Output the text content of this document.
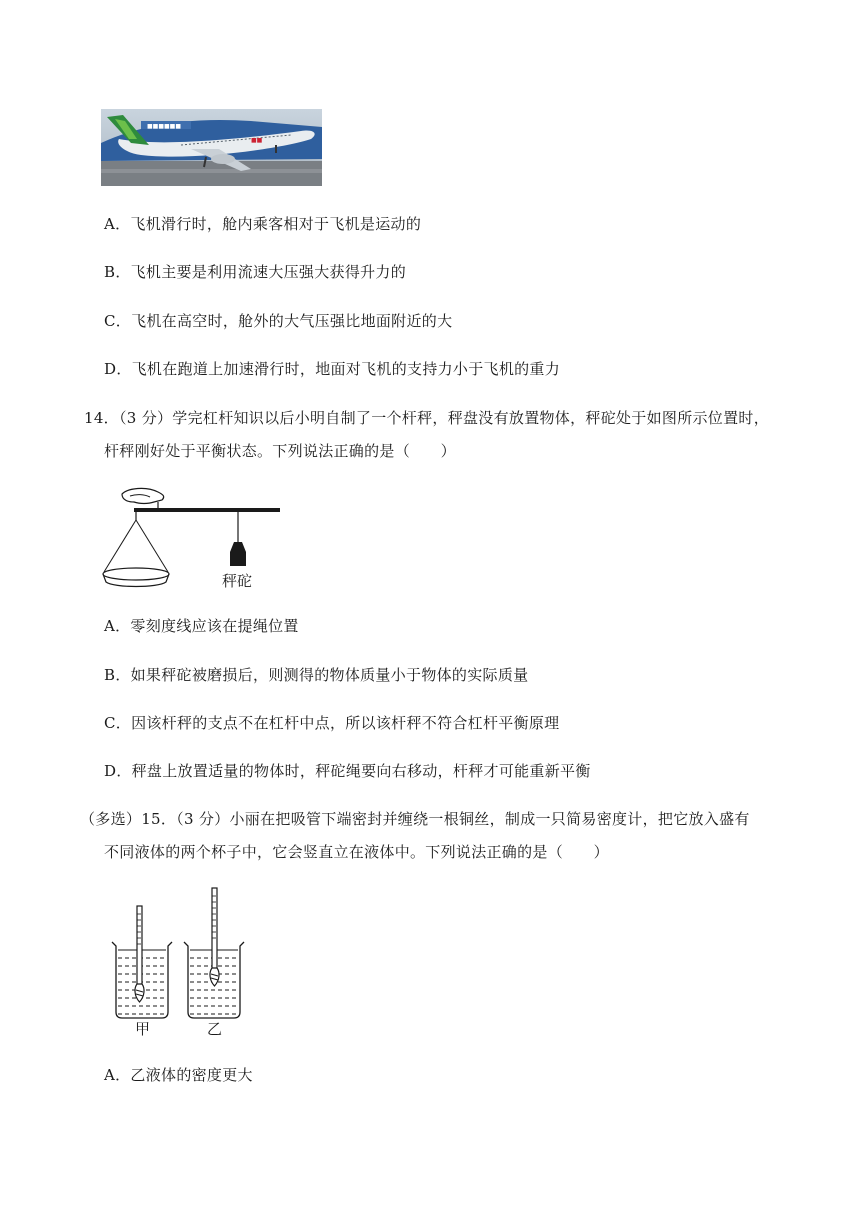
■■■■■■
■■
A．飞机滑行时，舱内乘客相对于飞机是运动的
B．飞机主要是利用流速大压强大获得升力的
C．飞机在高空时，舱外的大气压强比地面附近的大
D．飞机在跑道上加速滑行时，地面对飞机的支持力小于飞机的重力
14．（3 分）学完杠杆知识以后小明自制了一个杆秤，秤盘没有放置物体，秤砣处于如图所示位置时，
杆秤刚好处于平衡状态。下列说法正确的是（　　）
秤砣
A．零刻度线应该在提绳位置
B．如果秤砣被磨损后，则测得的物体质量小于物体的实际质量
C．因该杆秤的支点不在杠杆中点，所以该杆秤不符合杠杆平衡原理
D．秤盘上放置适量的物体时，秤砣绳要向右移动，杆秤才可能重新平衡
（多选）15．（3 分）小丽在把吸管下端密封并缠绕一根铜丝，制成一只简易密度计，把它放入盛有
不同液体的两个杯子中，它会竖直立在液体中。下列说法正确的是（　　）
甲	乙
A．乙液体的密度更大
